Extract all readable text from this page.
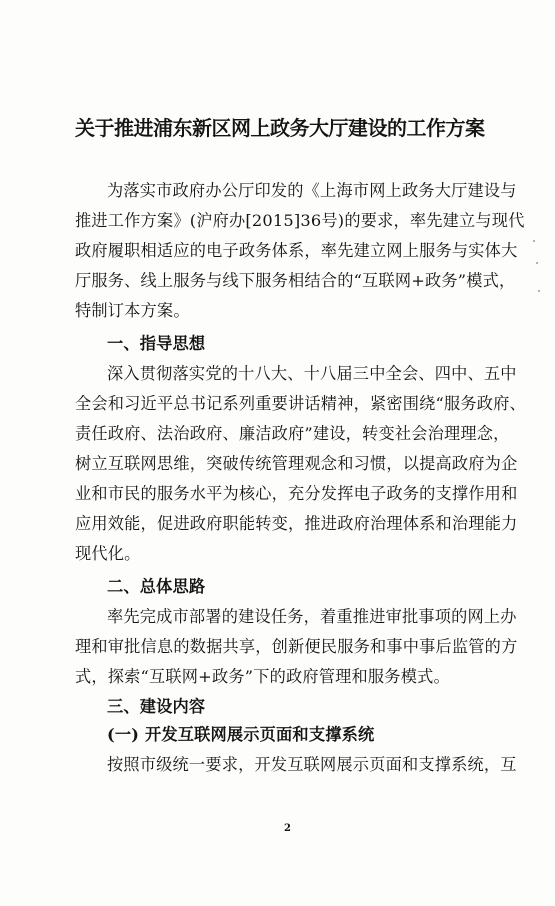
关于推进浦东新区网上政务大厅建设的工作方案
为落实市政府办公厅印发的《上海市网上政务大厅建设与
推进工作方案》(沪府办[2015]36号)的要求，率先建立与现代
政府履职相适应的电子政务体系，率先建立网上服务与实体大
厅服务、线上服务与线下服务相结合的“互联网+政务”模式，
特制订本方案。
一、指导思想
深入贯彻落实党的十八大、十八届三中全会、四中、五中
全会和习近平总书记系列重要讲话精神，紧密围绕“服务政府、
责任政府、法治政府、廉洁政府”建设，转变社会治理理念，
树立互联网思维，突破传统管理观念和习惯，以提高政府为企
业和市民的服务水平为核心，充分发挥电子政务的支撑作用和
应用效能，促进政府职能转变，推进政府治理体系和治理能力
现代化。
二、总体思路
率先完成市部署的建设任务，着重推进审批事项的网上办
理和审批信息的数据共享，创新便民服务和事中事后监管的方
式，探索“互联网+政务”下的政府管理和服务模式。
三、建设内容
(一) 开发互联网展示页面和支撑系统
按照市级统一要求，开发互联网展示页面和支撑系统，互
2
